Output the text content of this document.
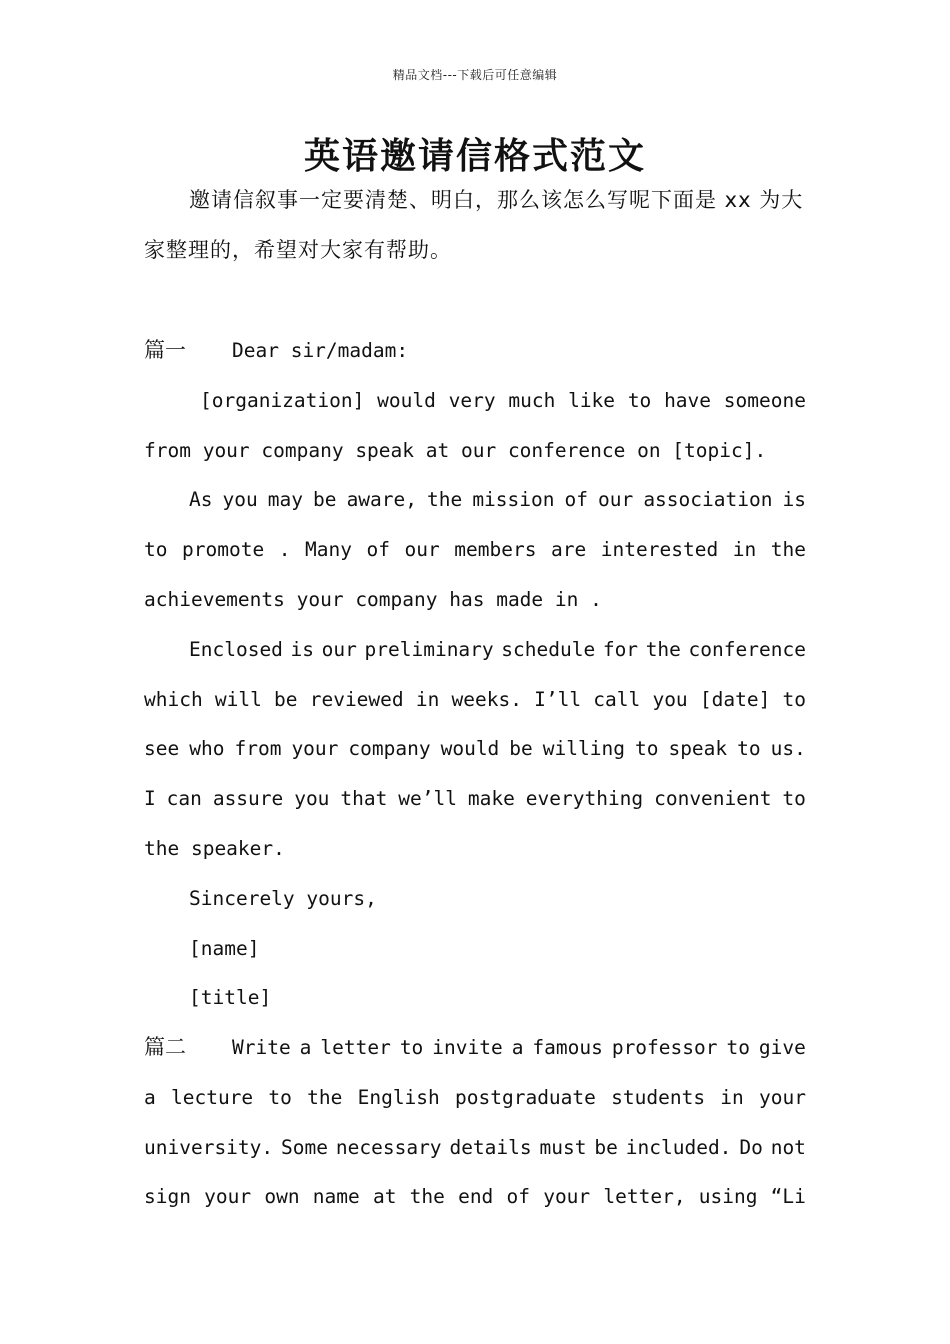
精品文档---下载后可任意编辑
英语邀请信格式范文
邀请信叙事一定要清楚、明白，那么该怎么写呢下面是 xx 为大
家整理的，希望对大家有帮助。
篇一 Dear sir/madam:
[organization] would very much like to have someone
from your company speak at our conference on [topic].
As you may be aware, the mission of our association is
to promote . Many of our members are interested in the
achievements your company has made in .
Enclosed is our preliminary schedule for the conference
which will be reviewed in weeks. I’ll call you [date] to
see who from your company would be willing to speak to us.
I can assure you that we’ll make everything convenient to
the speaker.
Sincerely yours,
[name]
[title]
篇二	Write a letter to invite a famous professor to give
a lecture to the English postgraduate students in your
university. Some necessary details must be included. Do not
sign your own name at the end of your letter, using “Li
